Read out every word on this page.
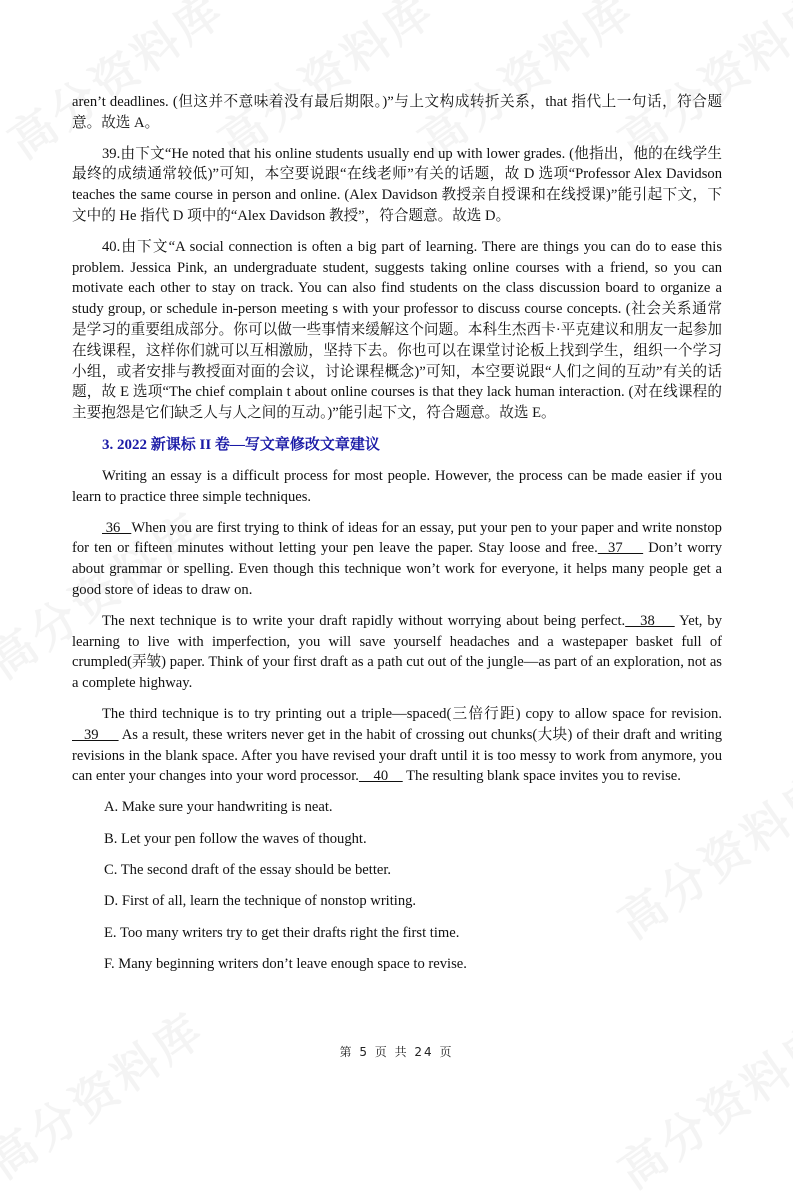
aren’t deadlines. (但这并不意味着没有最后期限。)”与上文构成转折关系，that 指代上一句话，符合题意。故选 A。

39.由下文“He noted that his online students usually end up with lower grades. (他指出，他的在线学生最终的成绩通常较低)”可知，本空要说跟“在线老师”有关的话题，故 D 选项“Professor Alex Davidson teaches the same course in person and online. (Alex Davidson 教授亲自授课和在线授课)”能引起下文，下文中的 He 指代 D 项中的“Alex Davidson 教授”，符合题意。故选 D。

40.由下文“A social connection is often a big part of learning. There are things you can do to ease this problem. Jessica Pink, an undergraduate student, suggests taking online courses with a friend, so you can motivate each other to stay on track. You can also find students on the class discussion board to organize a study group, or schedule in-person meeting s with your professor to discuss course concepts. (社会关系通常是学习的重要组成部分。你可以做一些事情来缓解这个问题。本科生杰西卡·平克建议和朋友一起参加在线课程，这样你们就可以互相激励，坚持下去。你也可以在课堂讨论板上找到学生，组织一个学习小组，或者安排与教授面对面的会议，讨论课程概念)”可知，本空要说跟“人们之间的互动”有关的话题，故 E 选项“The chief complain t about online courses is that they lack human interaction. (对在线课程的主要抱怨是它们缺乏人与人之间的互动。)”能引起下文，符合题意。故选 E。

3. 2022 新课标 II 卷—写文章修改文章建议

Writing an essay is a difficult process for most people. However, the process can be made easier if you learn to practice three simple techniques.

36   When you are first trying to think of ideas for an essay, put your pen to your paper and write nonstop for ten or fifteen minutes without letting your pen leave the paper. Stay loose and free.  37     Don’t worry about grammar or spelling. Even though this technique won’t work for everyone, it helps many people get a good store of ideas to draw on.

The next technique is to write your draft rapidly without worrying about being perfect.   38     Yet, by learning to live with imperfection, you will save yourself headaches and a wastepaper basket full of crumpled(弄皱) paper. Think of your first draft as a path cut out of the jungle—as part of an exploration, not as a complete highway.

The third technique is to try printing out a triple—spaced(三倍行距) copy to allow space for revision.   39      As a result, these writers never get in the habit of crossing out chunks(大块) of their draft and writing revisions in the blank space. After you have revised your draft until it is too messy to work from anymore, you can enter your changes into your word processor.    40     The resulting blank space invites you to revise.

A. Make sure your handwriting is neat.

B. Let your pen follow the waves of thought.

C. The second draft of the essay should be better.

D. First of all, learn the technique of nonstop writing.

E. Too many writers try to get their drafts right the first time.

F. Many beginning writers don’t leave enough space to revise.

第 5 页 共 24 页
